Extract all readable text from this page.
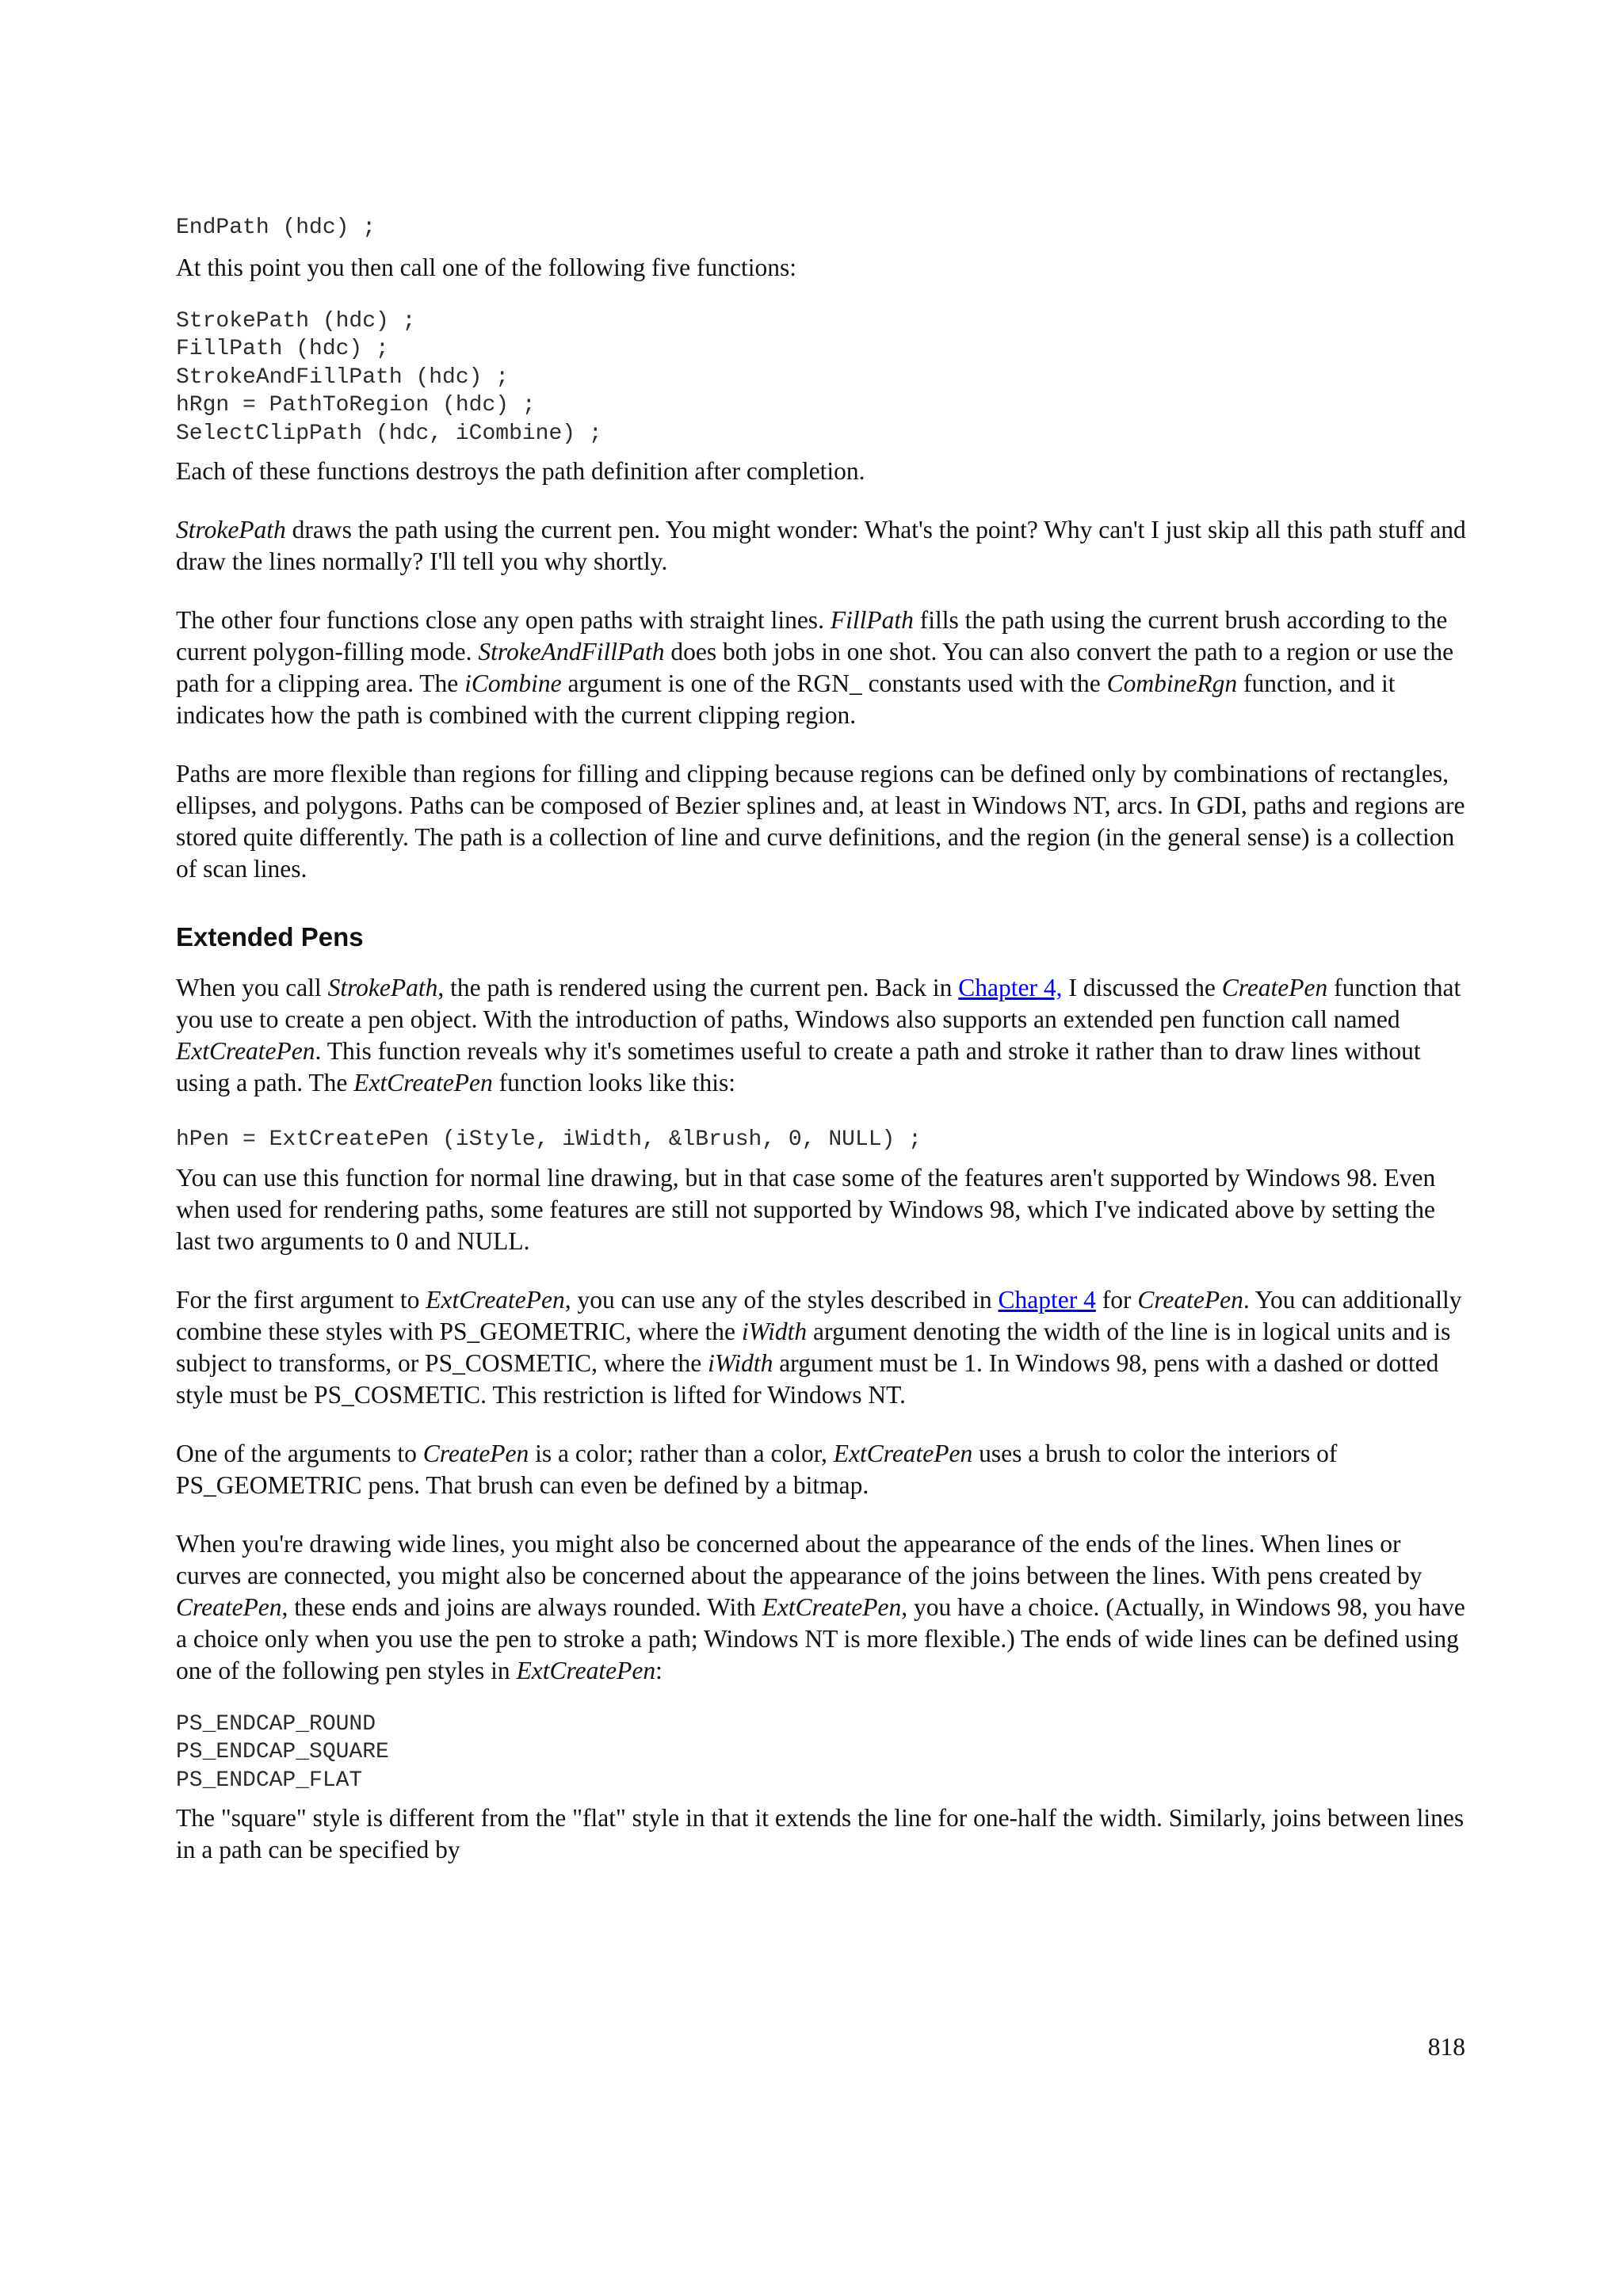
EndPath (hdc) ;

At this point you then call one of the following five functions:

StrokePath (hdc) ;
FillPath (hdc) ;
StrokeAndFillPath (hdc) ;
hRgn = PathToRegion (hdc) ;
SelectClipPath (hdc, iCombine) ;

Each of these functions destroys the path definition after completion.

StrokePath draws the path using the current pen. You might wonder: What's the point? Why can't I just skip all this path stuff and draw the lines normally? I'll tell you why shortly.

The other four functions close any open paths with straight lines. FillPath fills the path using the current brush according to the current polygon-filling mode. StrokeAndFillPath does both jobs in one shot. You can also convert the path to a region or use the path for a clipping area. The iCombine argument is one of the RGN_ constants used with the CombineRgn function, and it indicates how the path is combined with the current clipping region.

Paths are more flexible than regions for filling and clipping because regions can be defined only by combinations of rectangles, ellipses, and polygons. Paths can be composed of Bezier splines and, at least in Windows NT, arcs. In GDI, paths and regions are stored quite differently. The path is a collection of line and curve definitions, and the region (in the general sense) is a collection of scan lines.

Extended Pens

When you call StrokePath, the path is rendered using the current pen. Back in Chapter 4, I discussed the CreatePen function that you use to create a pen object. With the introduction of paths, Windows also supports an extended pen function call named ExtCreatePen. This function reveals why it's sometimes useful to create a path and stroke it rather than to draw lines without using a path. The ExtCreatePen function looks like this:

hPen = ExtCreatePen (iStyle, iWidth, &lBrush, 0, NULL) ;

You can use this function for normal line drawing, but in that case some of the features aren't supported by Windows 98. Even when used for rendering paths, some features are still not supported by Windows 98, which I've indicated above by setting the last two arguments to 0 and NULL.

For the first argument to ExtCreatePen, you can use any of the styles described in Chapter 4 for CreatePen. You can additionally combine these styles with PS_GEOMETRIC, where the iWidth argument denoting the width of the line is in logical units and is subject to transforms, or PS_COSMETIC, where the iWidth argument must be 1. In Windows 98, pens with a dashed or dotted style must be PS_COSMETIC. This restriction is lifted for Windows NT.

One of the arguments to CreatePen is a color; rather than a color, ExtCreatePen uses a brush to color the interiors of PS_GEOMETRIC pens. That brush can even be defined by a bitmap.

When you're drawing wide lines, you might also be concerned about the appearance of the ends of the lines. When lines or curves are connected, you might also be concerned about the appearance of the joins between the lines. With pens created by CreatePen, these ends and joins are always rounded. With ExtCreatePen, you have a choice. (Actually, in Windows 98, you have a choice only when you use the pen to stroke a path; Windows NT is more flexible.) The ends of wide lines can be defined using one of the following pen styles in ExtCreatePen:

PS_ENDCAP_ROUND
PS_ENDCAP_SQUARE
PS_ENDCAP_FLAT

The "square" style is different from the "flat" style in that it extends the line for one-half the width. Similarly, joins between lines in a path can be specified by

818
